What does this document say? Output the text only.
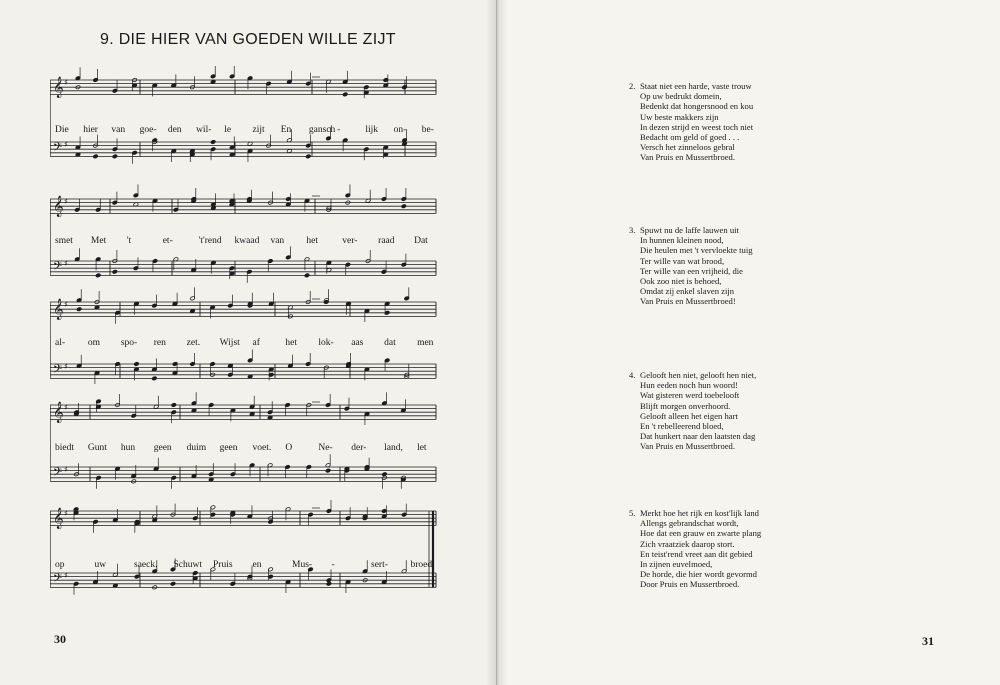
9. DIE HIER VAN GOEDEN WILLE ZIJT
𝄞
𝄢
♯
♯
𝄞
𝄢
♯
♯
𝄞
𝄢
♯
♯
𝄞
𝄢
♯
♯
𝄞
𝄢
♯
♯
Die hier van goe- den wil- le zijt En gansch -	lijk on- be-
smet Met 't	et-	't'rend kwaad van het	ver- raad Dat
al- om spo- ren zet. Wijst af	het lok- aas dat men
biedt Gunt hun geen duim geen voet. O	Ne- der- land, let
op	uw	saeck. Schuwt Pruis en	Mus- -	sert- broed.
30	31
2. Staat niet een harde, vaste trouw
Op uw bedrukt domein,
Bedenkt dat hongersnood en kou
Uw beste makkers zijn
In dezen strijd en weest toch niet
Bedacht om geld of goed . . .
Versch het zinneloos gebral
Van Pruis en Mussertbroed.
3. Spuwt nu de laffe lauwen uit
In hunnen kleinen nood,
Die heulen met 't vervloekte tuig
Ter wille van wat brood,
Ter wille van een vrijheid, die
Ook zoo niet is behoed,
Omdat zij enkel slaven zijn
Van Pruis en Mussertbroed!
4. Gelooft hen niet, gelooft hen niet,
Hun eeden noch hun woord!
Wat gisteren werd toebelooft
Blijft morgen onverhoord.
Gelooft alleen het eigen hart
En 't rebelleerend bloed,
Dat hunkert naar den laatsten dag
Van Pruis en Mussertbroed.
5. Merkt hoe het rijk en kost'lijk land
Allengs gebrandschat wordt,
Hoe dat een grauw en zwarte plang
Zich vraatziek daarop stort.
En teist'rend vreet aan dit gebied
In zijnen euvelmoed,
De horde, die hier wordt gevormd
Door Pruis en Mussertbroed.
